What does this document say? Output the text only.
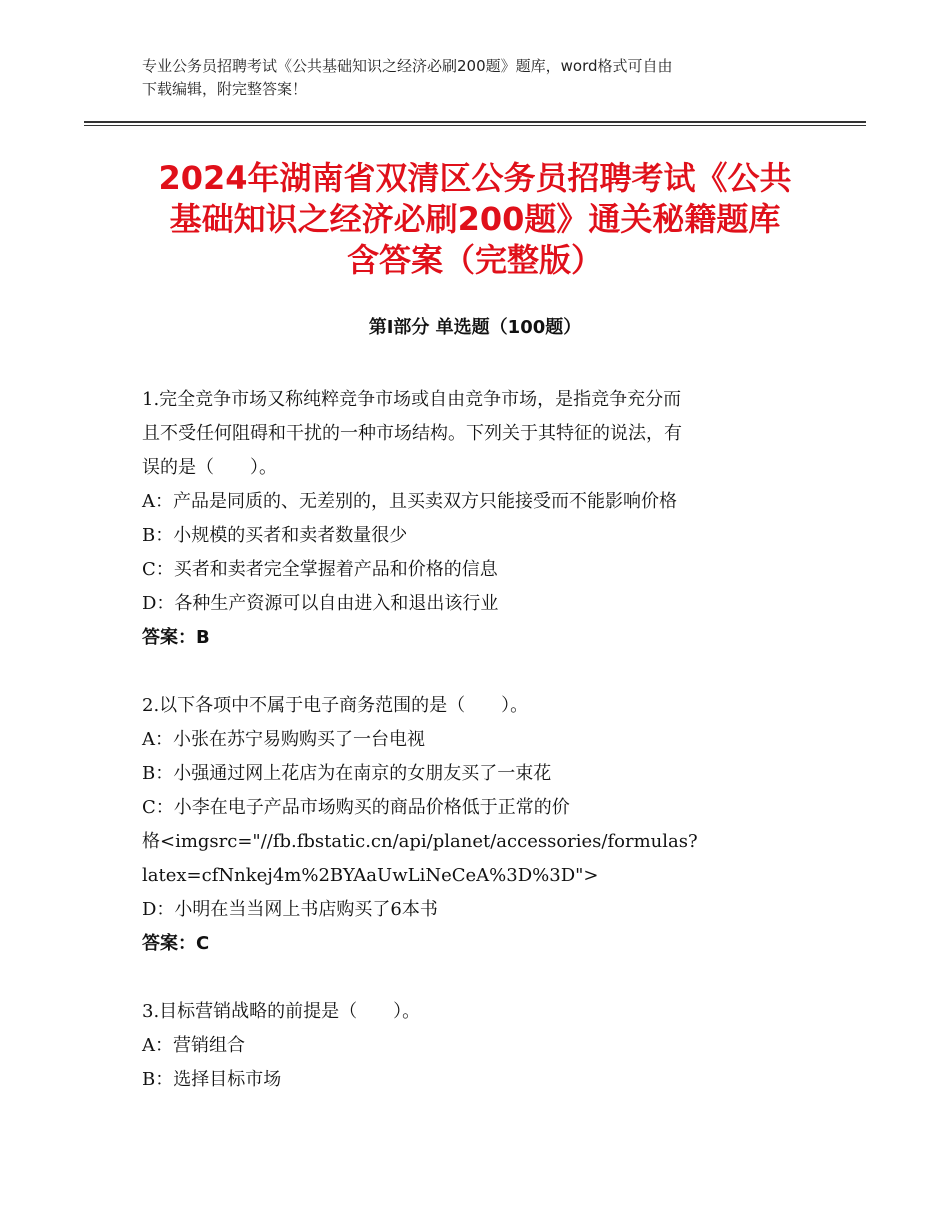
专业公务员招聘考试《公共基础知识之经济必刷200题》题库，word格式可自由
下载编辑，附完整答案！
2024年湖南省双清区公务员招聘考试《公共
基础知识之经济必刷200题》通关秘籍题库
含答案（完整版）
第Ⅰ部分 单选题（100题）
1.完全竞争市场又称纯粹竞争市场或自由竞争市场，是指竞争充分而
且不受任何阻碍和干扰的一种市场结构。下列关于其特征的说法，有
误的是（　　）。
A：产品是同质的、无差别的，且买卖双方只能接受而不能影响价格
B：小规模的买者和卖者数量很少
C：买者和卖者完全掌握着产品和价格的信息
D：各种生产资源可以自由进入和退出该行业
答案：B
2.以下各项中不属于电子商务范围的是（　　）。
A：小张在苏宁易购购买了一台电视
B：小强通过网上花店为在南京的女朋友买了一束花
C：小李在电子产品市场购买的商品价格低于正常的价
格<imgsrc="//fb.fbstatic.cn/api/planet/accessories/formulas?
latex=cfNnkej4m%2BYAaUwLiNeCeA%3D%3D">
D：小明在当当网上书店购买了6本书
答案：C
3.目标营销战略的前提是（　　）。
A：营销组合
B：选择目标市场
